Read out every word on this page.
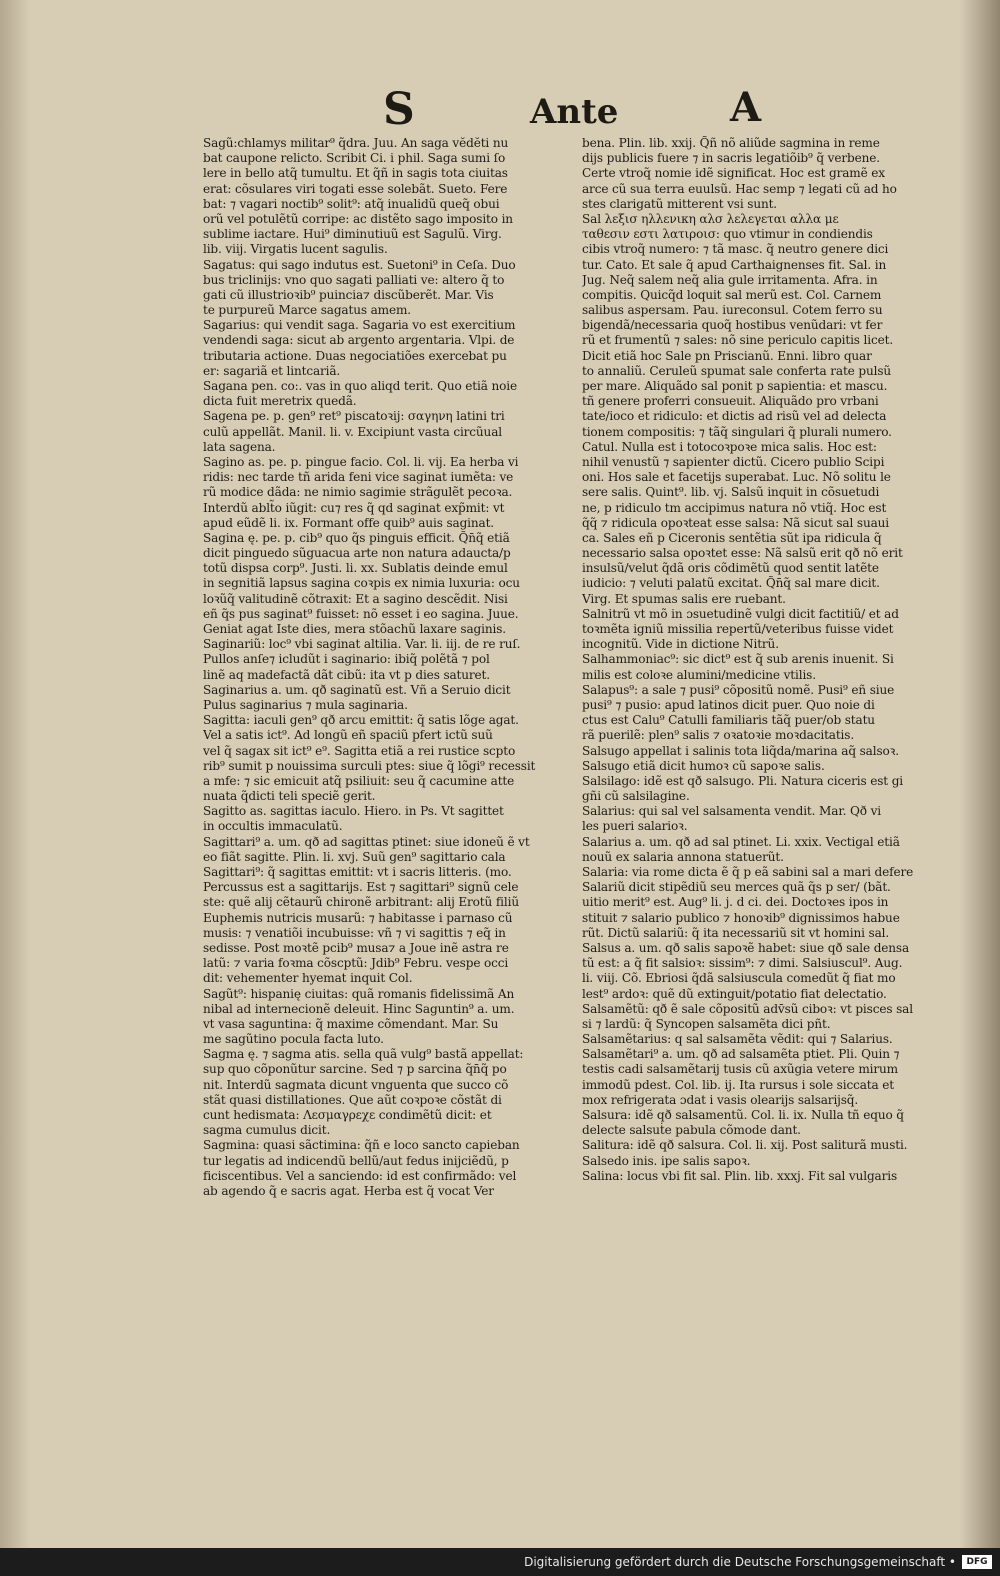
S	Ante	A
Sagũ:chlamys militar⁹ q̃dra. Juu. An saga vĕdĕti nu
bat caupone relicto. Scribit Ci. i phil. Saga sumi ſo
lere in bello atq̃ tumultu. Et q̃ñ in sagis tota ciuitas
erat: cõsulares viri togati esse solebãt. Sueto. Fere
bat: ⁊ vagari noctib⁹ solit⁹: atq̃ inualidũ queq̃ obui
orũ vel potulẽtũ corripe: ac distẽto sago imposito in
sublime iactare. Hui⁹ diminutiuũ est Sagulũ. Virg.
lib. viij. Virgatis lucent sagulis.
Sagatus: qui sago indutus est. Suetoni⁹ in Ceſa. Duo
bus triclinijs: vno quo sagati palliati ve: altero q̃ to
gati cũ illustrioꝛib⁹ puincia⁊ discũberẽt. Mar. Vis
te purpureũ Marce sagatus amem.
Sagarius: qui vendit saga. Sagaria vo est exercitium
vendendi saga: sicut ab argento argentaria. Vlpi. de
tributaria actione. Duas negociatiões exercebat pu
er: sagariã et lintcariã.
Sagana pen. co:. vas in quo aliqd terit. Quo etiã noie
dicta fuit meretrix quedã.
Sagena pe. p. gen⁹ ret⁹ piscatoꝛij: σαγηνη latini tri
culũ appellãt. Manil. li. v. Excipiunt vasta circũual
lata sagena.
Sagino as. pe. p. pingue facio. Col. li. vij. Ea herba vi
ridis: nec tarde tñ arida feni vice saginat iumẽta: ve
rũ modice dãda: ne nimio sagimie strãgulẽt pecoꝛa.
Interdũ ablt̃o iũgit: cu⁊ res q̃ qd saginat exp̃mit: vt
apud eũdẽ li. ix. Formant offe quib⁹ auis saginat.
Sagina ę. pe. p. cib⁹ quo q̃s pinguis efficit. Q̃n̄q̃ etiã
dicit pinguedo sũguacua arte non natura adaucta/p
totũ dispsa corp⁹. Justi. li. xx. Sublatis deinde emul
in segnitiã lapsus sagina coꝛpis ex nimia luxuria: ocu
loꝛũq̃ valitudinẽ cõtraxit: Et a sagino descẽdit. Nisi
eñ q̃s pus saginat⁹ fuisset: nõ esset i eo sagina. Juue.
Geniat agat Iste dies, mera stõachũ laxare saginis.
Saginariũ: loc⁹ vbi saginat altilia. Var. li. iij. de re ruſ.
Pullos anſe⁊ icludũt i saginario: ibiq̃ polẽtã ⁊ pol
linẽ aq madefactã dãt cibũ: ita vt p dies saturet.
Saginarius a. um. qð saginatũ est. Vñ a Seruio dicit
Pulus saginarius ⁊ mula saginaria.
Sagitta: iaculi gen⁹ qð arcu emittit: q̃ satis lõge agat.
Vel a satis ict⁹. Ad longũ eñ spaciũ pfert ictũ suũ
vel q̃ sagax sit ict⁹ e⁹. Sagitta etiã a rei rustice scpto
rib⁹ sumit p nouissima surculi ptes: siue q̃ lõgi⁹ recessit
a mfe: ⁊ sic emicuit atq̃ psiliuit: seu q̃ cacumine atte
nuata q̃dicti teli speciẽ gerit.
Sagitto as. sagittas iaculo. Hiero. in Ps. Vt sagittet
in occultis immaculatũ.
Sagittari⁹ a. um. qð ad sagittas ptinet: siue idoneũ ẽ vt
eo fiãt sagitte. Plin. li. xvj. Suũ gen⁹ sagittario cala
Sagittari⁹: q̃ sagittas emittit: vt i sacris litteris. (mo.
Percussus est a sagittarijs. Est ⁊ sagittari⁹ signũ cele
ste: quẽ alij cẽtaurũ chironẽ arbitrant: alij Erotũ filiũ
Euphemis nutricis musarũ: ⁊ habitasse i parnaso cũ
musis: ⁊ venatiõi incubuisse: vñ ⁊ vi sagittis ⁊ eq̃ in
sedisse. Post moꝛtẽ pcib⁹ musa⁊ a Joue inẽ astra re
latũ: ⁊ varia foꝛma cõscptũ: Jdib⁹ Febru. vespe occi
dit: vehementer hyemat inquit Col.
Sagũt⁹: hispanię ciuitas: quã romanis fidelissimã An
nibal ad internecionẽ deleuit. Hinc Saguntin⁹ a. um.
vt vasa saguntina: q̃ maxime cõmendant. Mar. Su
me sagũtino pocula facta luto.
Sagma ę. ⁊ sagma atis. sella quã vulg⁹ bastã appellat:
sup quo cõponũtur sarcine. Sed ⁊ p sarcina q̃n̄q̃ po
nit. Interdũ sagmata dicunt vnguenta que succo cõ
stãt quasi distillationes. Que aũt coꝛpoꝛe cõstãt di
cunt hedismata: Λεσμαγρεχε condimẽtũ dicit: et
sagma cumulus dicit.
Sagmina: quasi sãctimina: q̃ñ e loco sancto capieban
tur legatis ad indicendũ bellũ/aut fedus inijciẽdũ, p
ficiscentibus. Vel a sanciendo: id est confirmãdo: vel
ab agendo q̃ e sacris agat. Herba est q̃ vocat Ver
bena. Plin. lib. xxij. Q̃ñ nõ aliũde sagmina in reme
dijs publicis fuere ⁊ in sacris legatiõib⁹ q̃ verbene.
Certe vtroq̃ nomie idẽ significat. Hoc est gramẽ ex
arce cũ sua terra euulsũ. Hac semp ⁊ legati cũ ad ho
stes clarigatũ mitterent vsi sunt.
Sal λεξισ ηλλενικη αλσ λελεγεται αλλα με
ταθεσιν εστι λατιροισ: quo vtimur in condiendis
cibis vtroq̃ numero: ⁊ tã masc. q̃ neutro genere dici
tur. Cato. Et sale q̃ apud Carthaignenses fit. Sal. in
Jug. Neq̃ salem neq̃ alia gule irritamenta. Afra. in
compitis. Quicq̃d loquit sal merũ est. Col. Carnem
salibus aspersam. Pau. iureconsul. Cotem ferro su
bigendã/necessaria quoq̃ hostibus venũdari: vt fer
rũ et frumentũ ⁊ sales: nõ sine periculo capitis licet.
Dicit etiã hoc Sale pn Priscianũ. Enni. libro quar
to annaliũ. Ceruleũ spumat sale conferta rate pulsũ
per mare. Aliquãdo sal ponit p sapientia: et mascu.
tñ genere proferri consueuit. Aliquãdo pro vrbani
tate/ioco et ridiculo: et dictis ad risũ vel ad delecta
tionem compositis: ⁊ tãq̃ singulari q̃ plurali numero.
Catul. Nulla est i totocoꝛpoꝛe mica salis. Hoc est:
nihil venustũ ⁊ sapienter dictũ. Cicero publio Scipi
oni. Hos sale et facetijs superabat. Luc. Nõ solitu le
sere salis. Quint⁹. lib. vj. Salsũ inquit in cõsuetudi
ne, p ridiculo tm accipimus natura nõ vtiq̃. Hoc est
q̃q̃ ⁊ ridicula opoꝛteat esse salsa: Nã sicut sal suaui
ca. Sales eñ p Ciceronis sentẽtia sũt ipa ridicula q̃
necessario salsa opoꝛtet esse: Nã salsũ erit qð nõ erit
insulsũ/velut q̃dã oris cõdimẽtũ quod sentit latẽte
iudicio: ⁊ veluti palatũ excitat. Q̃n̄q̃ sal mare dicit.
Virg. Et spumas salis ere ruebant.
Salnitrũ vt mõ in ɔsuetudinẽ vulgi dicit factitiũ/ et ad
toꝛmẽta igniũ missilia repertũ/veteribus fuisse videt
incognitũ. Vide in dictione Nitrũ.
Salhammoniac⁹: sic dict⁹ est q̃ sub arenis inuenit. Si
milis est coloꝛe alumini/medicine vtilis.
Salapus⁹: a sale ⁊ pusi⁹ cõpositũ nomẽ. Pusi⁹ eñ siue
pusi⁹ ⁊ pusio: apud latinos dicit puer. Quo noie di
ctus est Calu⁹ Catulli familiaris tãq̃ puer/ob statu
rã puerilẽ: plen⁹ salis ⁊ oꝛatoꝛie moꝛdacitatis.
Salsugo appellat i salinis tota liq̃da/marina aq̃ salsoꝛ.
Salsugo etiã dicit humoꝛ cũ sapoꝛe salis.
Salsilago: idẽ est qð salsugo. Pli. Natura ciceris est gi
gñi cũ salsilagine.
Salarius: qui sal vel salsamenta vendit. Mar. Qð vi
les pueri salarioꝛ.
Salarius a. um. qð ad sal ptinet. Li. xxix. Vectigal etiã
nouũ ex salaria annona statuerũt.
Salaria: via rome dicta ẽ q̃ p eã sabini sal a mari defere
Salariũ dicit stipẽdiũ seu merces quã q̃s p ser/ (bãt.
uitio merit⁹ est. Aug⁹ li. j. d ci. dei. Doctoꝛes ipos in
stituit ⁊ salario publico ⁊ honoꝛib⁹ dignissimos habue
rũt. Dictũ salariũ: q̃ ita necessariũ sit vt homini sal.
Salsus a. um. qð salis sapoꝛẽ habet: siue qð sale densa
tũ est: a q̃ fit salsioꝛ: sissim⁹: ⁊ dimi. Salsiuscul⁹. Aug.
li. viij. Cõ. Ebriosi q̃dã salsiuscula comedũt q̃ fiat mo
lest⁹ ardoꝛ: quẽ dũ extinguit/potatio fiat delectatio.
Salsamẽtũ: qð ẽ sale cõpositũ adv̄sũ ciboꝛ: vt pisces sal
si ⁊ lardũ: q̃ Syncopen salsamẽta dici pñt.
Salsamẽtarius: q sal salsamẽta vẽdit: qui ⁊ Salarius.
Salsamẽtari⁹ a. um. qð ad salsamẽta ptiet. Pli. Quin ⁊
testis cadi salsamẽtarij tusis cũ axũgia vetere mirum
immodũ pdest. Col. lib. ij. Ita rursus i sole siccata et
mox refrigerata ɔdat i vasis olearijs salsarijsq̃.
Salsura: idẽ qð salsamentũ. Col. li. ix. Nulla tñ equo q̃
delecte salsuṫe pabula cõmode dant.
Salitura: idẽ qð salsura. Col. li. xij. Post saliturã musti.
Salsedo inis. ipe salis sapoꝛ.
Salina: locus vbi fit sal. Plin. lib. xxxj. Fit sal vulgaris
Digitalisierung gefördert durch die Deutsche Forschungsgemeinschaft •	DFG
